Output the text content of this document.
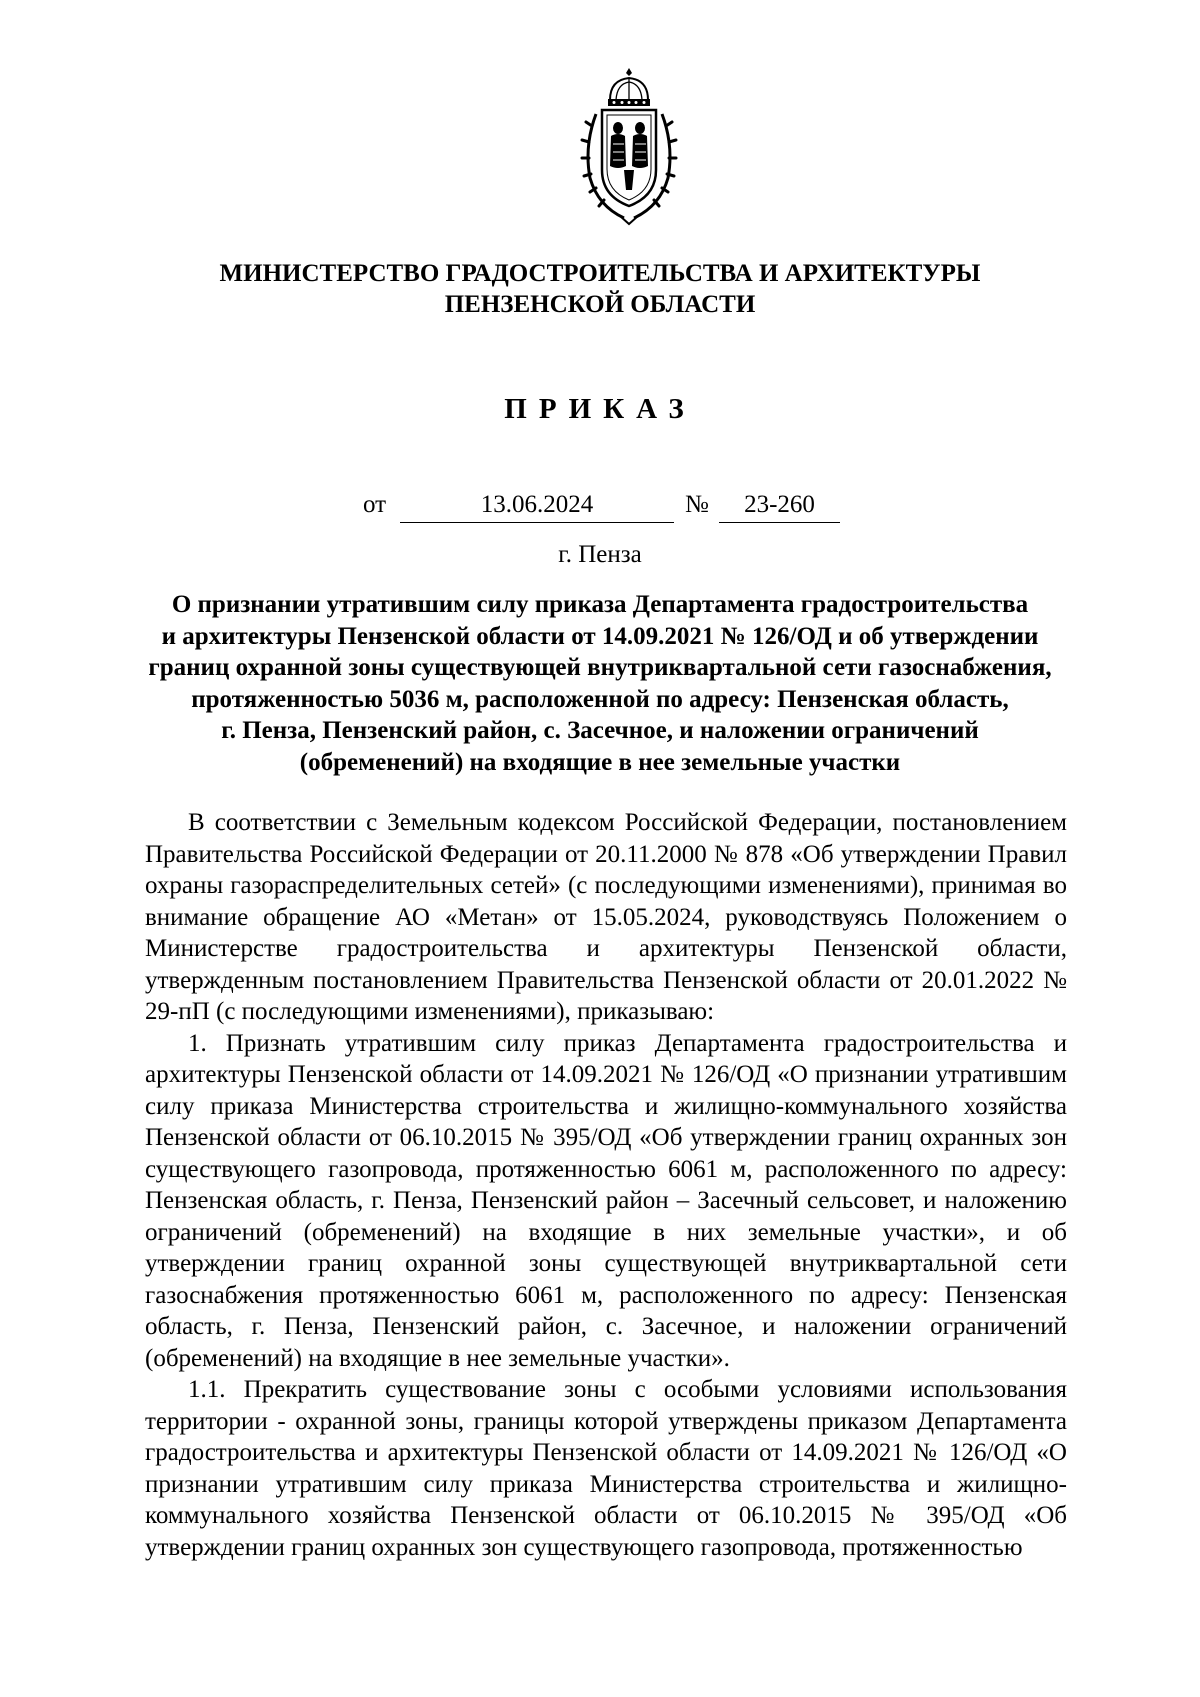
МИНИСТЕРСТВО ГРАДОСТРОИТЕЛЬСТВА И АРХИТЕКТУРЫ
ПЕНЗЕНСКОЙ ОБЛАСТИ
ПРИКАЗ
от	13.06.2024	№	23-260
г. Пенза
О признании утратившим силу приказа Департамента градостроительства
и архитектуры Пензенской области от 14.09.2021 № 126/ОД и об утверждении
границ охранной зоны существующей внутриквартальной сети газоснабжения,
протяженностью 5036 м, расположенной по адресу: Пензенская область,
г. Пенза, Пензенский район, с. Засечное, и наложении ограничений
(обременений) на входящие в нее земельные участки

В соответствии с Земельным кодексом Российской Федерации, постановлением Правительства Российской Федерации от 20.11.2000 № 878 «Об утверждении Правил охраны газораспределительных сетей» (с последующими изменениями), принимая во внимание обращение АО «Метан» от 15.05.2024, руководствуясь Положением о Министерстве градостроительства и архитектуры Пензенской области, утвержденным постановлением Правительства Пензенской области от 20.01.2022 № 29-пП (с последующими изменениями), приказываю:

1. Признать утратившим силу приказ Департамента градостроительства и архитектуры Пензенской области от 14.09.2021 № 126/ОД «О признании утратившим силу приказа Министерства строительства и жилищно-коммунального хозяйства Пензенской области от 06.10.2015 № 395/ОД «Об утверждении границ охранных зон существующего газопровода, протяженностью 6061 м, расположенного по адресу: Пензенская область, г. Пенза, Пензенский район – Засечный сельсовет, и наложению ограничений (обременений) на входящие в них земельные участки», и об утверждении границ охранной зоны существующей внутриквартальной сети газоснабжения протяженностью 6061 м, расположенного по адресу: Пензенская область, г. Пенза, Пензенский район, с. Засечное, и наложении ограничений (обременений) на входящие в нее земельные участки».

1.1. Прекратить существование зоны с особыми условиями использования территории - охранной зоны, границы которой утверждены приказом Департамента градостроительства и архитектуры Пензенской области от 14.09.2021 № 126/ОД «О признании утратившим силу приказа Министерства строительства и жилищно-коммунального хозяйства Пензенской области от 06.10.2015 № 395/ОД «Об утверждении границ охранных зон существующего газопровода, протяженностью
